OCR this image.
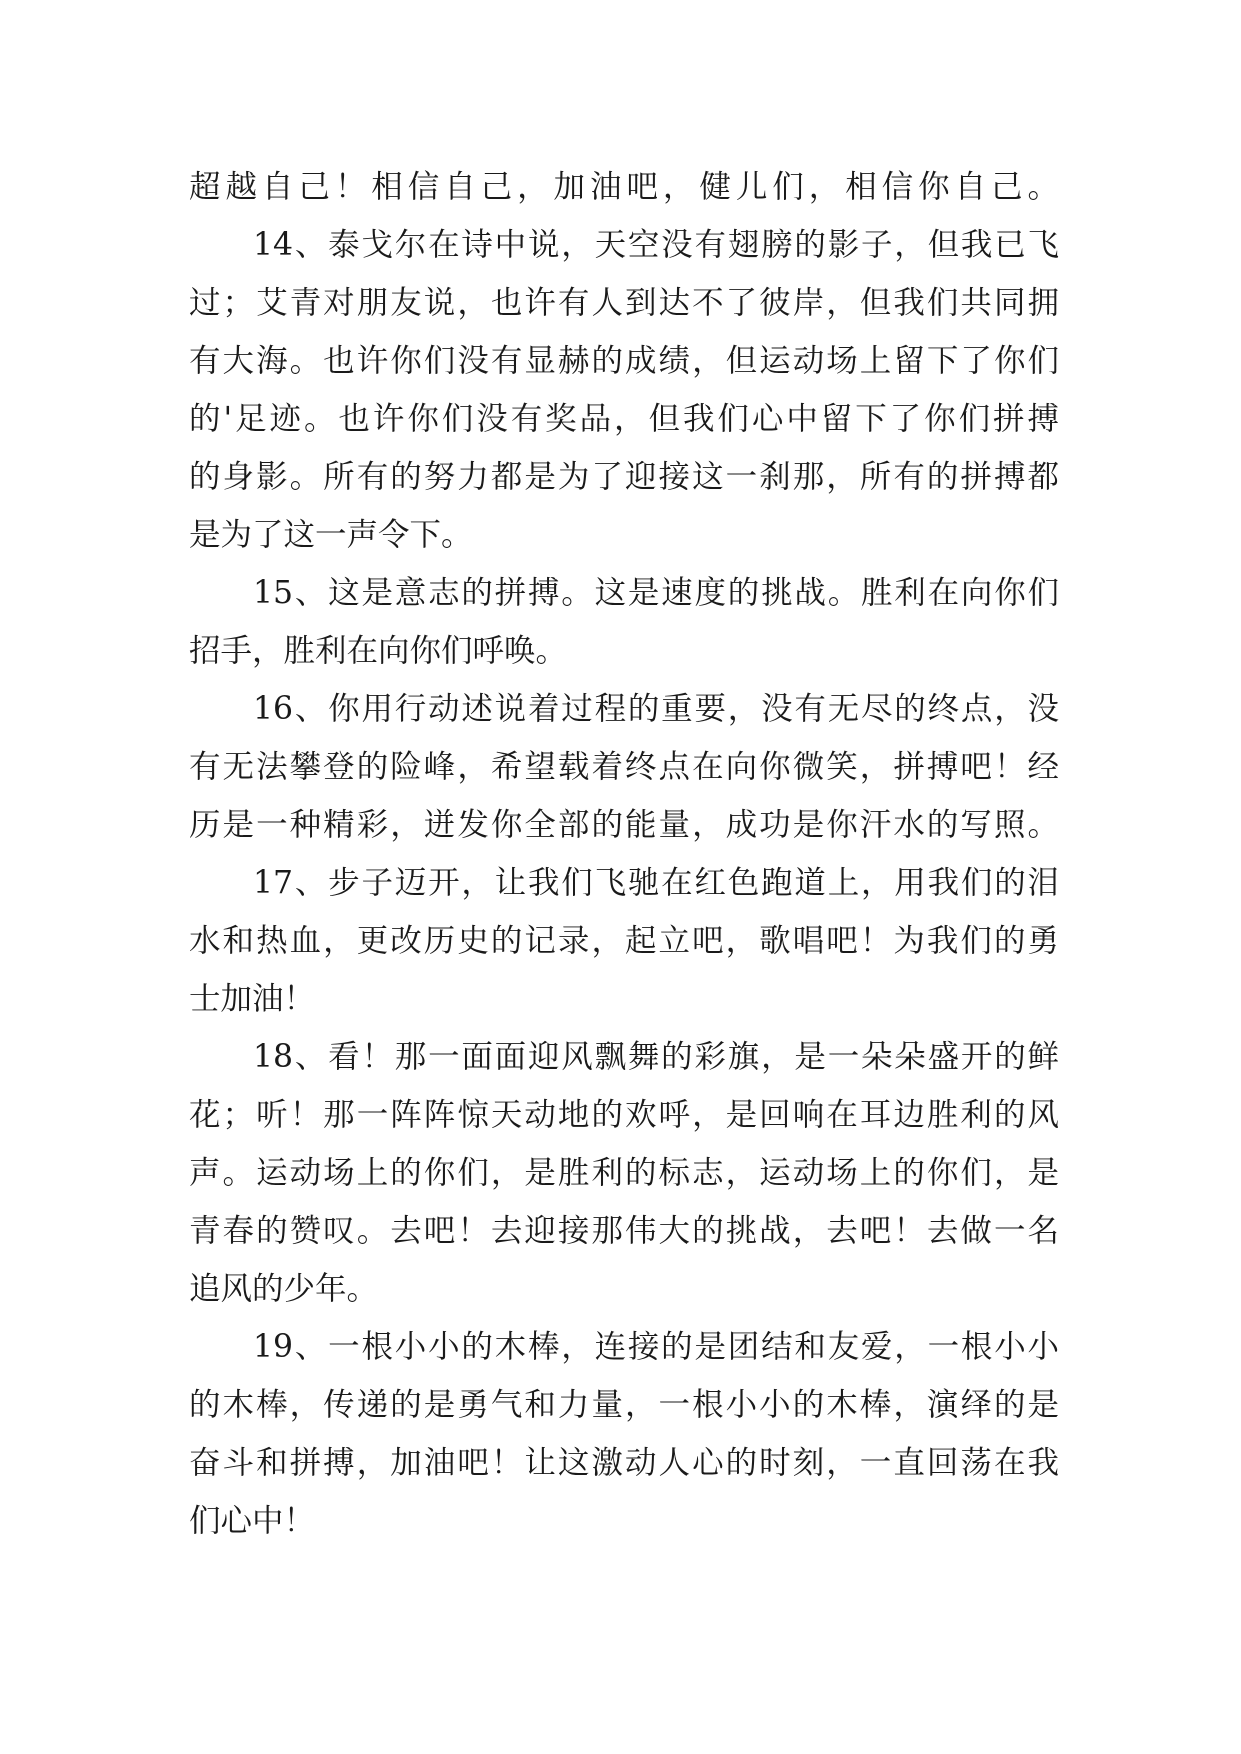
超越自己！相信自己，加油吧，健儿们，相信你自己。
14、泰戈尔在诗中说，天空没有翅膀的影子，但我已飞
过；艾青对朋友说，也许有人到达不了彼岸，但我们共同拥
有大海。也许你们没有显赫的成绩，但运动场上留下了你们
的'足迹。也许你们没有奖品，但我们心中留下了你们拼搏
的身影。所有的努力都是为了迎接这一刹那，所有的拼搏都
是为了这一声令下。
15、这是意志的拼搏。这是速度的挑战。胜利在向你们
招手，胜利在向你们呼唤。
16、你用行动述说着过程的重要，没有无尽的终点，没
有无法攀登的险峰，希望载着终点在向你微笑，拼搏吧！经
历是一种精彩，迸发你全部的能量，成功是你汗水的写照。
17、步子迈开，让我们飞驰在红色跑道上，用我们的泪
水和热血，更改历史的记录，起立吧，歌唱吧！为我们的勇
士加油！
18、看！那一面面迎风飘舞的彩旗，是一朵朵盛开的鲜
花；听！那一阵阵惊天动地的欢呼，是回响在耳边胜利的风
声。运动场上的你们，是胜利的标志，运动场上的你们，是
青春的赞叹。去吧！去迎接那伟大的挑战，去吧！去做一名
追风的少年。
19、一根小小的木棒，连接的是团结和友爱，一根小小
的木棒，传递的是勇气和力量，一根小小的木棒，演绎的是
奋斗和拼搏，加油吧！让这激动人心的时刻，一直回荡在我
们心中！
